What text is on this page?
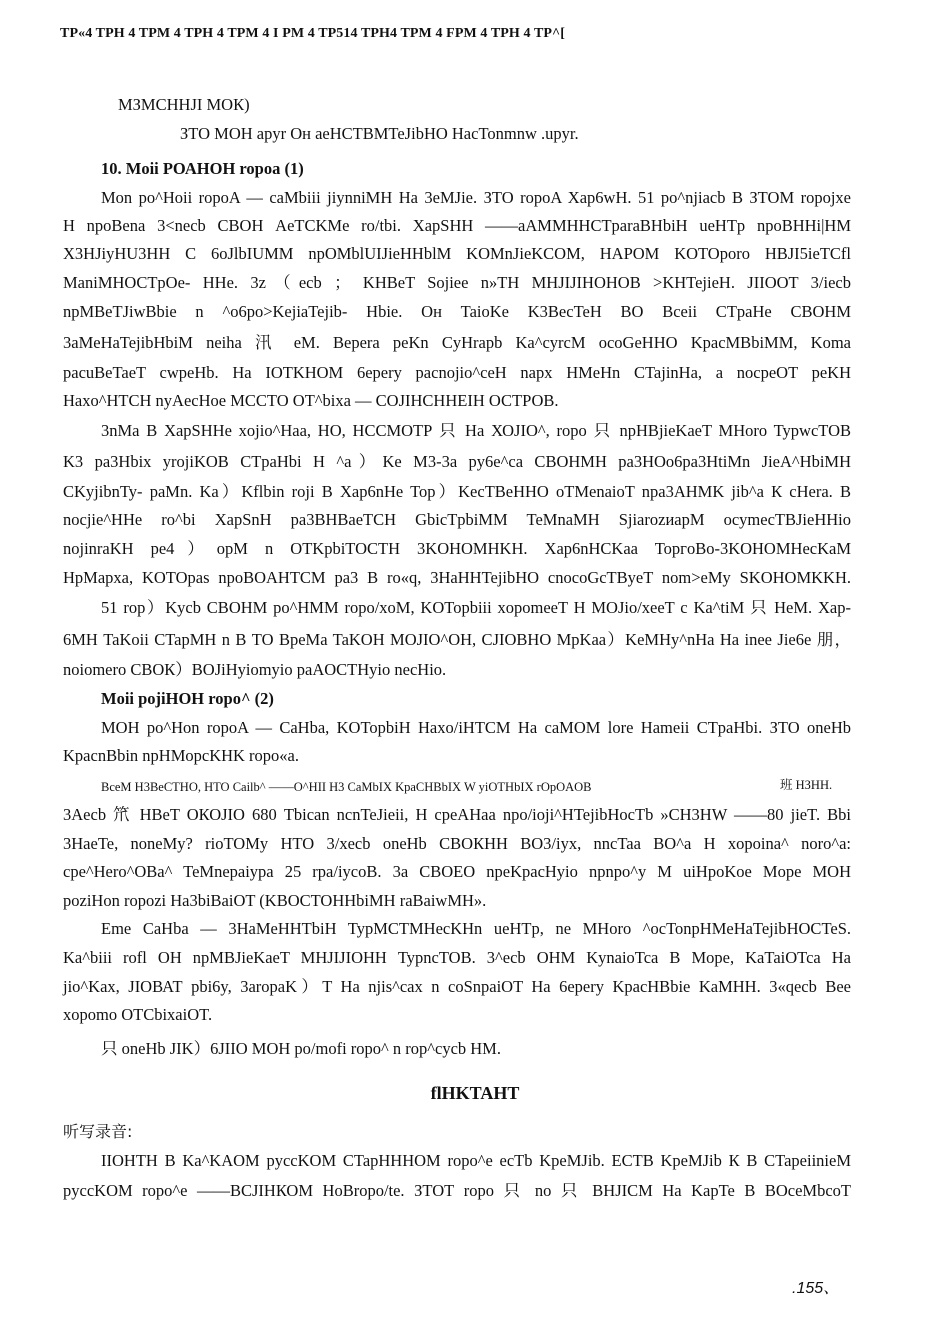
TP«4 TPH 4 TPM 4 TPH 4 TPM 4 I PM 4 TP514 TPH4 TPM 4 FPM 4 TPH 4 TP^[
МЗМСННJI МОК)
ЗТО МОН apyr Он aeHCTBMTeJibHO HacTonmnw .upyr.
10. Moii РОАНОН ropoa (1)
Mon po^Hoii ropoA — caMbiii jiynniMH Ha 3eMJie. ЗТО ropoA Xap6wH. 51 po^njiacb В ЗТОМ ropojxe
Н npoBena 3<necb СВОН AeTCKMe ro/tbi. XapSHH ——aAMMHHCTparaBHbiH ueHTp npoBHHi|HM
X3HJiyHU3HH C 6oJlbIUMM npOMblUIJieHHblM KOMnJieKCOM, HAPOM KOTOporo HBJI5ieTCfl
ManiMHOCTpOe- HHe. 3z（ecb ； KHBeT Sojiee n»TH МНJIJIНОНОВ >KHTejieH. JIIOOT 3/iecb
npMBeTJiwBbie n ^o6po>KejiaTejib- Hbie. Он TaioKe K3BecTeH ВО Bceii CTpaHe СВОНМ
3aMeHaTejibHbiM neiha 汛 eM. Bepera peKn CyHrapb Ka^cyrcM ocoGeHHO KpacMBbiMM, Koma
pacuBeTaeT cwpeHb. Ha IOTKHOM 6epery pacnojio^ceH napx HMeHn CTajinHa, a nocpeOT peKH
Haxo^HTCH nyAecHoe МССТО ОТ^bixa — СОJIНСННЕІН ОСТРОВ.
3nMa В XapSHHe xojio^Haa, НО, НССМОТР 只 Ha ХОJIO^, ropo 只 npHBjieKaeT MHoro TypwcTOB
K3 pa3Hbix yrojiKOB CTpaHbi Н ^a）Ke M3-3a py6e^ca СВОНМН pa3HOo6pa3HtiMn JieA^HbiMH
CKyjibnTy- paMn. Ka）Kflbin roji В Xap6nHe Top）KecTBeHHO oTMenaioT npa3AHMK jib^a К cHera. B
nocjie^HHe ro^bi XapSnH pa3BHBaeTCH GbicTpbiMM TeMnaMH SjiarozиapM ocymecTBJieHHio
nojinraKH pe4）opM n OTKpbiTOCTH 3KOHOMHKH. Xap6nHCKaa TopгoBo-3KOHOMHecKaM
HpMapxa, KOTOpas npoBOAHTCM pa3 В ro«q, 3HaHHTejibHO cnocoGcTByeT nom>eMy SKOHOMKKH.
51 rop）Kycb СВОНМ po^HMM ropo/xoM, KOTopbiii xopomeeT Н MOJio/xeeT c Ka^tiM 只 HeM. Xap-
6МН TaKoii CTapMH n В ТО BpeMa TaKOH МОJIО^ОН, СJIОВНО MpKaa）KeMHy^nHa Ha inee Jie6e 朋，
noiomero СВОК）BOJiHyiomyio paAOCTHyio necHio.
Moii pojiHOH ropo^ (2)
МОН po^Hon ropoA — CaHba, KOTopbiH Haxo/iHTCM Ha caMOM lore Hameii CTpaHbi. ЗТО oneHb
KpacnBbin npHMopcKHK ropo«a.
BceM H3BeCTHO, HTO Cailb^ ——O^HII H3 CaMbIX KpaCHBbIX W yiOTHbIX rOpOAOB	班 НЗНН.
3Aecb 笊 HBeT ОКОJIО 680 Tbican ncnTeJieii, Н cpeAHaa npo/ioji^HTejibHocTb »СН3НW ——80 jieT. Bbi
3HaeTe, noneMy? rioTOMy НТО 3/xecb oneHb СВОКНН BO3/iyx, nncTaa BO^a Н xopoina^ noro^a:
cpe^Hero^OBa^ TeMnepaiypa 25 rpa/iycoB. 3a СВОЕО npeKpacHyio npnpo^y М uiHpoKoe Mope МОН
poziHon ropozi Ha3biBaiOT (KBOCTOHHbiMH raBaiwMH».
Eme CaHba — 3HaMeHHTbiH TypMCTMHecKHn ueHTp, ne MHoro ^ocTonpHMeHaTejibHOCTeS.
Ka^biii rofl ОН npMBJieKaeT МНJIJIОНН TypncTOB. 3^ecb ОНМ KynaioTca В Mope, KaTaiOTca Ha
jio^Kax, JIОВАТ pbi6y, 3aropaK）T Ha njis^cax n coSnpaiOT Ha 6epery KpacHBbie KaMHH. 3«qecb Bee
xopomo OTCbixaiOT.
只 oneHb JIK）6JIIO МОН po/mofi ropo^ n rop^cycb НМ.
flHKTAHT
听写录音:
IIОНТН В Ka^KAOM pyccKOM CTapHHHOM ropo^e ecTb KpeMJib. ЕСТВ KpeMJib К В CTapeiinieM
pyccKOM ropo^e ——ВСJIНКОМ HoBropo/te. ЗТОТ ropo 只 no 只 ВНJICМ Ha KapTe В BOceMbcoT
.155、
